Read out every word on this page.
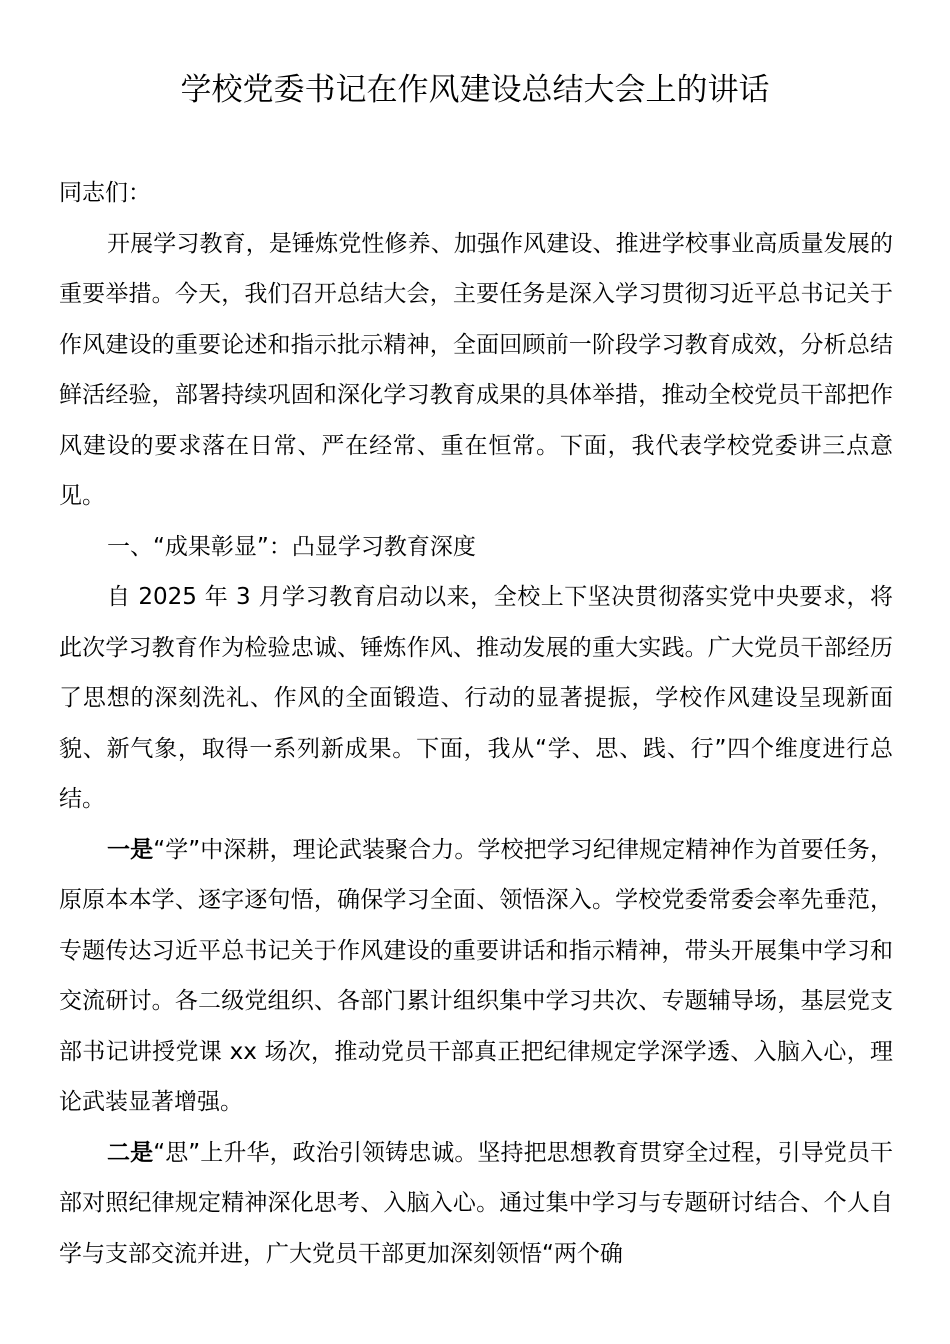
学校党委书记在作风建设总结大会上的讲话

同志们：

开展学习教育，是锤炼党性修养、加强作风建设、推进学校事业高质量发展的重要举措。今天，我们召开总结大会，主要任务是深入学习贯彻习近平总书记关于作风建设的重要论述和指示批示精神，全面回顾前一阶段学习教育成效，分析总结鲜活经验，部署持续巩固和深化学习教育成果的具体举措，推动全校党员干部把作风建设的要求落在日常、严在经常、重在恒常。下面，我代表学校党委讲三点意见。

一、“成果彰显”：凸显学习教育深度

自 2025 年 3 月学习教育启动以来，全校上下坚决贯彻落实党中央要求，将此次学习教育作为检验忠诚、锤炼作风、推动发展的重大实践。广大党员干部经历了思想的深刻洗礼、作风的全面锻造、行动的显著提振，学校作风建设呈现新面貌、新气象，取得一系列新成果。下面，我从“学、思、践、行”四个维度进行总结。

一是“学”中深耕，理论武装聚合力。学校把学习纪律规定精神作为首要任务，原原本本学、逐字逐句悟，确保学习全面、领悟深入。学校党委常委会率先垂范，专题传达习近平总书记关于作风建设的重要讲话和指示精神，带头开展集中学习和交流研讨。各二级党组织、各部门累计组织集中学习共次、专题辅导场，基层党支部书记讲授党课 xx 场次，推动党员干部真正把纪律规定学深学透、入脑入心，理论武装显著增强。

二是“思”上升华，政治引领铸忠诚。坚持把思想教育贯穿全过程，引导党员干部对照纪律规定精神深化思考、入脑入心。通过集中学习与专题研讨结合、个人自学与支部交流并进，广大党员干部更加深刻领悟“两个确
